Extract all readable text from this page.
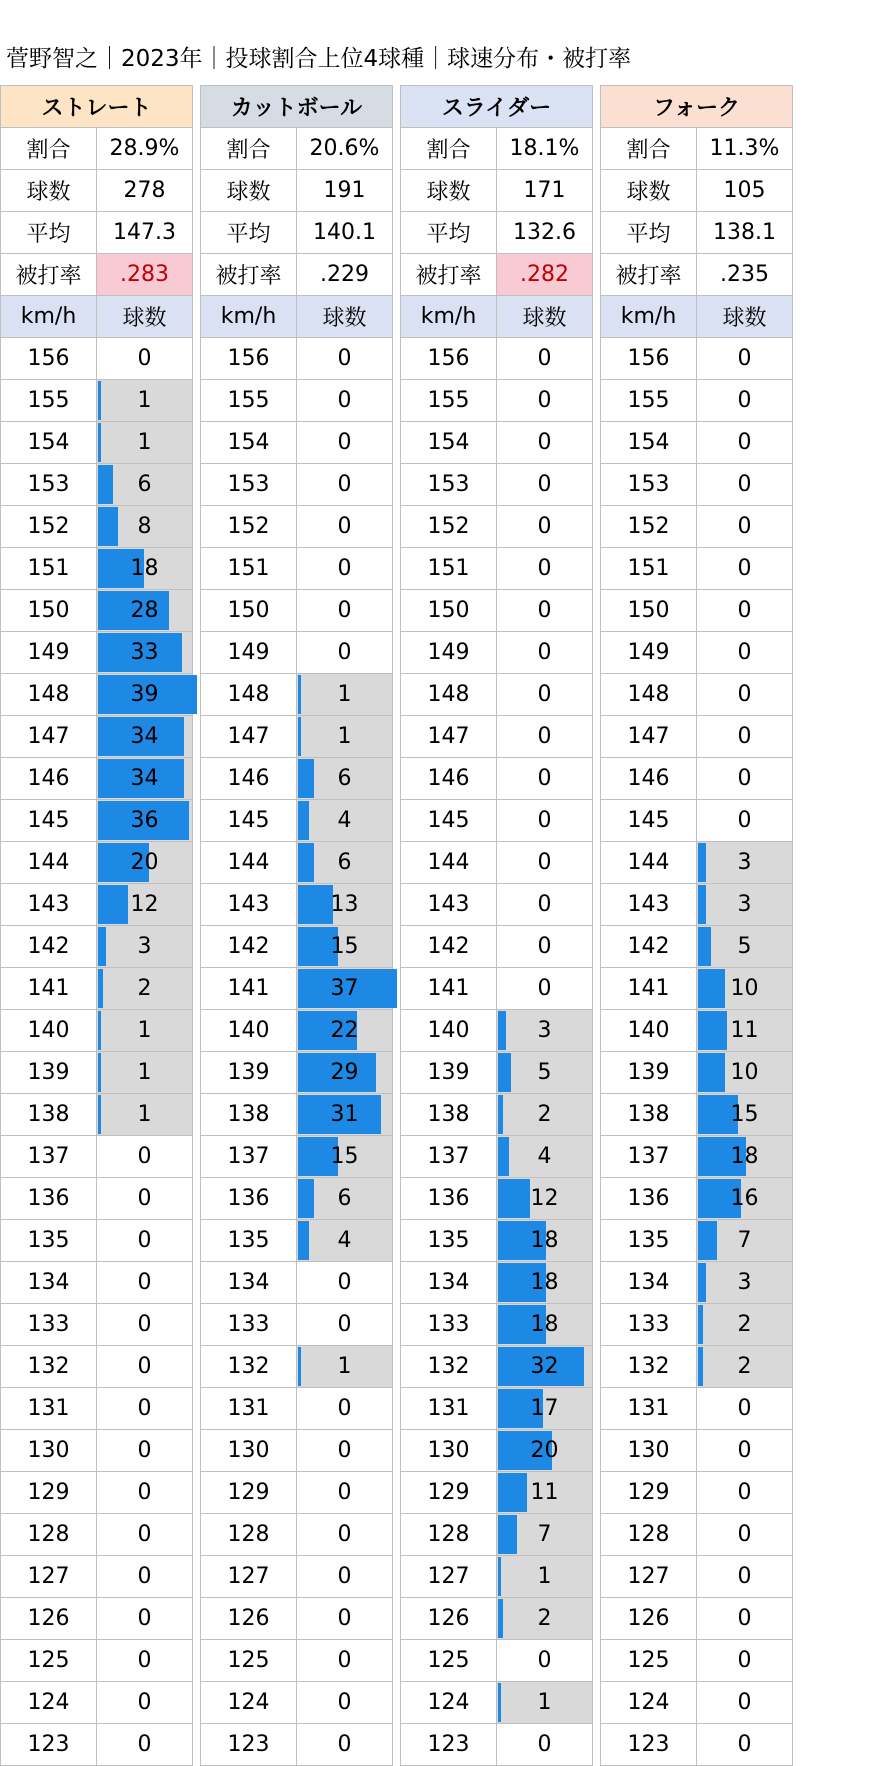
菅野智之｜2023年｜投球割合上位4球種｜球速分布・被打率
ストレート	
割合	28.9%
球数	278
平均	147.3
被打率	.283
km/h	球数
156	0
155	1
154	1
153	6
152	8
151	18
150	28
149	33
148	39
147	34
146	34
145	36
144	20
143	12
142	3
141	2
140	1
139	1
138	1
137	0
136	0
135	0
134	0
133	0
132	0
131	0
130	0
129	0
128	0
127	0
126	0
125	0
124	0
123	0
カットボール	
割合	20.6%
球数	191
平均	140.1
被打率	.229
km/h	球数
156	0
155	0
154	0
153	0
152	0
151	0
150	0
149	0
148	1
147	1
146	6
145	4
144	6
143	13
142	15
141	37
140	22
139	29
138	31
137	15
136	6
135	4
134	0
133	0
132	1
131	0
130	0
129	0
128	0
127	0
126	0
125	0
124	0
123	0
スライダー	
割合	18.1%
球数	171
平均	132.6
被打率	.282
km/h	球数
156	0
155	0
154	0
153	0
152	0
151	0
150	0
149	0
148	0
147	0
146	0
145	0
144	0
143	0
142	0
141	0
140	3
139	5
138	2
137	4
136	12
135	18
134	18
133	18
132	32
131	17
130	20
129	11
128	7
127	1
126	2
125	0
124	1
123	0
フォーク	
割合	11.3%
球数	105
平均	138.1
被打率	.235
km/h	球数
156	0
155	0
154	0
153	0
152	0
151	0
150	0
149	0
148	0
147	0
146	0
145	0
144	3
143	3
142	5
141	10
140	11
139	10
138	15
137	18
136	16
135	7
134	3
133	2
132	2
131	0
130	0
129	0
128	0
127	0
126	0
125	0
124	0
123	0
